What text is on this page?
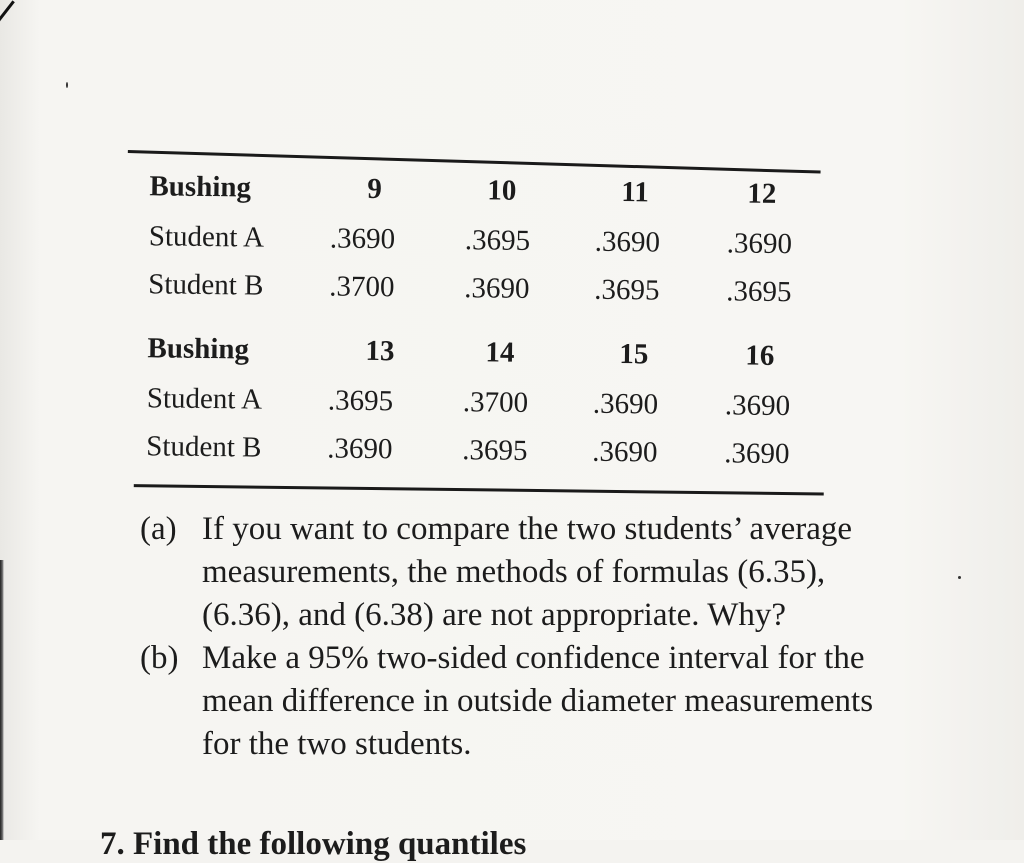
Bushing	9	10	11	12
Student A .3690 .3695 .3690 .3690
Student B .3700 .3690 .3695 .3695
Bushing	13	14	15	16
Student A .3695 .3700 .3690 .3690
Student B .3690 .3695 .3690 .3690
(a) If you want to compare the two students’ average measurements, the methods of formulas (6.35), (6.36), and (6.38) are not appropriate. Why?
(b) Make a 95% two-sided confidence interval for the mean difference in outside diameter measurements for the two students.
7. Find the following quantiles
